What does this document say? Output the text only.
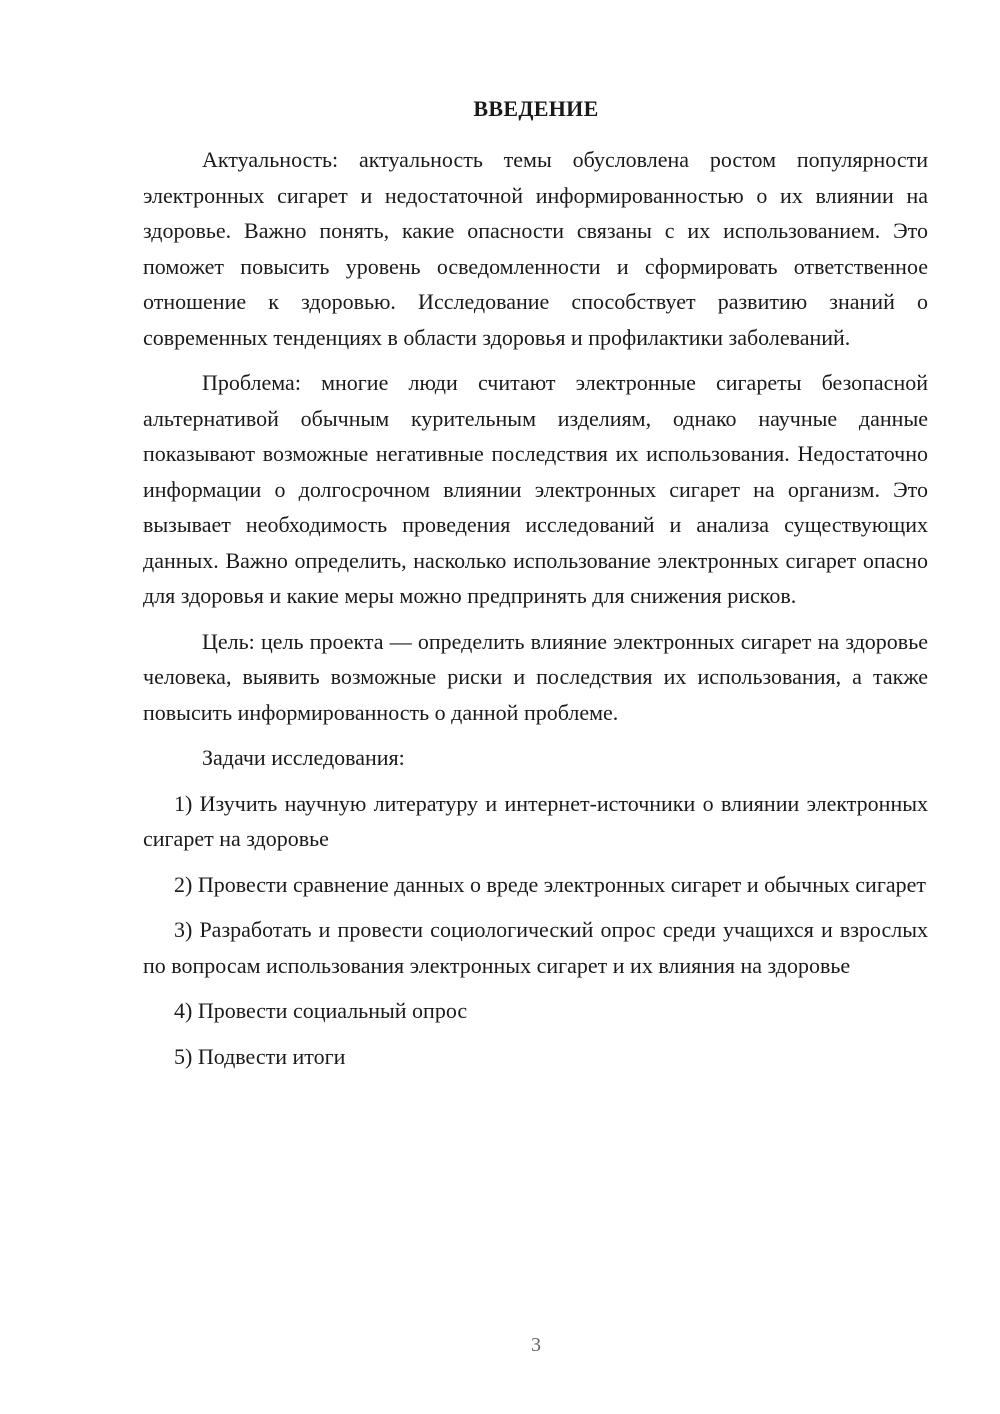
ВВЕДЕНИЕ

Актуальность: актуальность темы обусловлена ростом популярности электронных сигарет и недостаточной информированностью о их влиянии на здоровье. Важно понять, какие опасности связаны с их использованием. Это поможет повысить уровень осведомленности и сформировать ответственное отношение к здоровью. Исследование способствует развитию знаний о современных тенденциях в области здоровья и профилактики заболеваний.

Проблема: многие люди считают электронные сигареты безопасной альтернативой обычным курительным изделиям, однако научные данные показывают возможные негативные последствия их использования. Недостаточно информации о долгосрочном влиянии электронных сигарет на организм. Это вызывает необходимость проведения исследований и анализа существующих данных. Важно определить, насколько использование электронных сигарет опасно для здоровья и какие меры можно предпринять для снижения рисков.

Цель: цель проекта — определить влияние электронных сигарет на здоровье человека, выявить возможные риски и последствия их использования, а также повысить информированность о данной проблеме.

Задачи исследования:

1) Изучить научную литературу и интернет-источники о влиянии электронных сигарет на здоровье

2) Провести сравнение данных о вреде электронных сигарет и обычных сигарет

3) Разработать и провести социологический опрос среди учащихся и взрослых по вопросам использования электронных сигарет и их влияния на здоровье

4) Провести социальный опрос

5) Подвести итоги

3
